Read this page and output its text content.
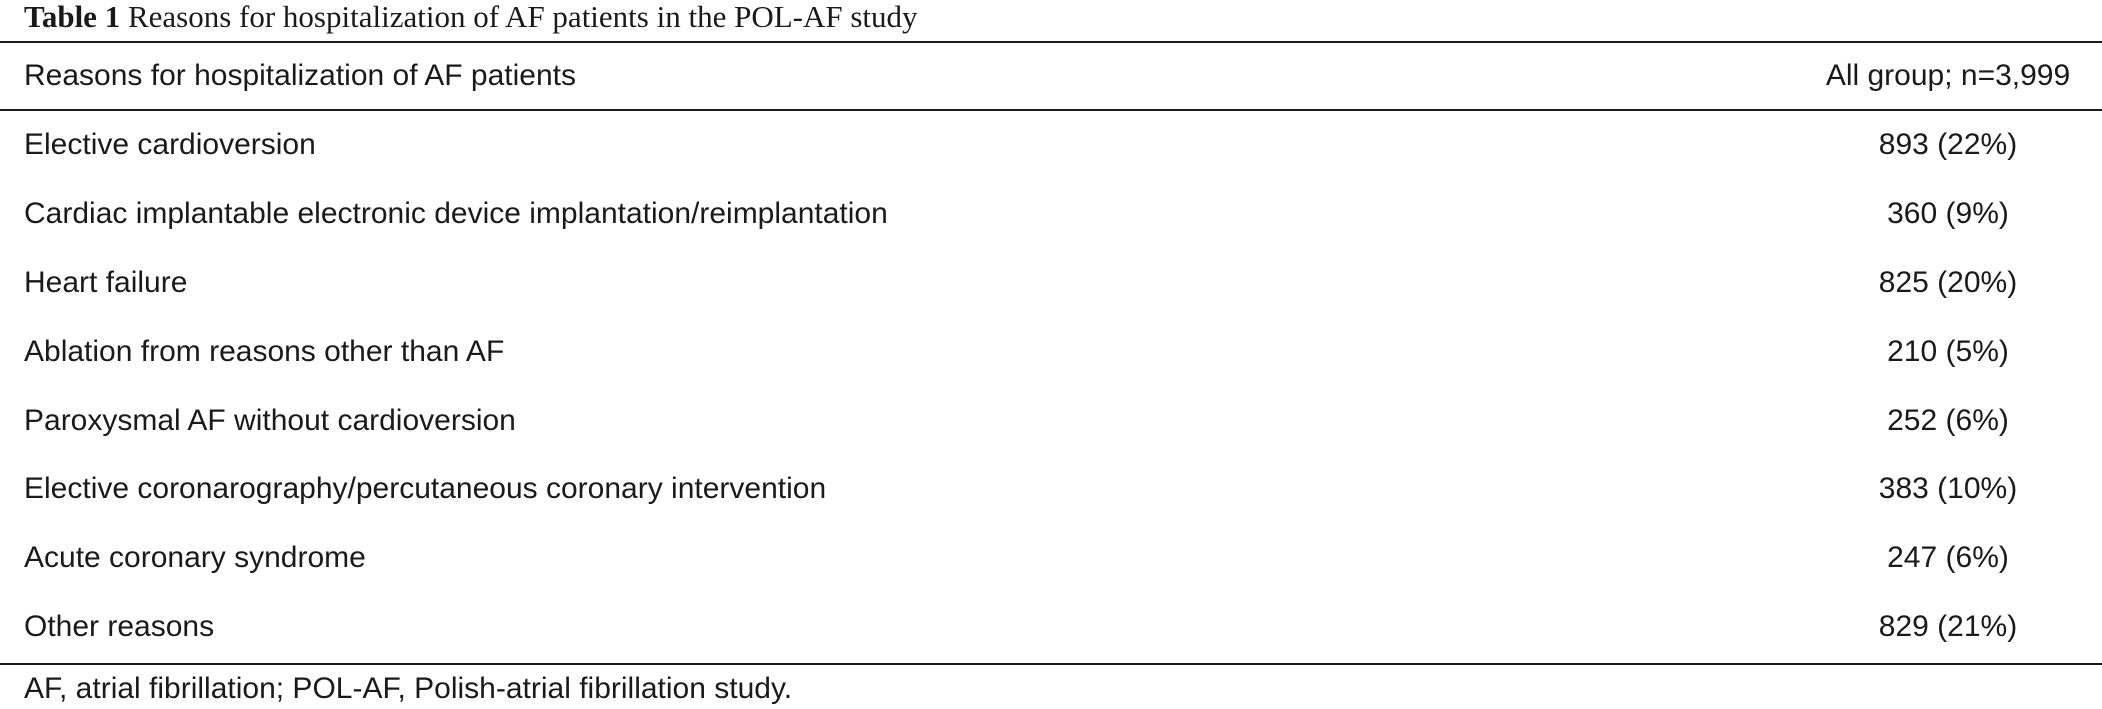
Table 1 Reasons for hospitalization of AF patients in the POL-AF study
Reasons for hospitalization of AF patients	All group; n=3,999

Elective cardioversion	893 (22%)
Cardiac implantable electronic device implantation/reimplantation	360 (9%)
Heart failure	825 (20%)
Ablation from reasons other than AF	210 (5%)
Paroxysmal AF without cardioversion	252 (6%)
Elective coronarography/percutaneous coronary intervention	383 (10%)
Acute coronary syndrome	247 (6%)
Other reasons	829 (21%)
AF, atrial fibrillation; POL-AF, Polish-atrial fibrillation study.
